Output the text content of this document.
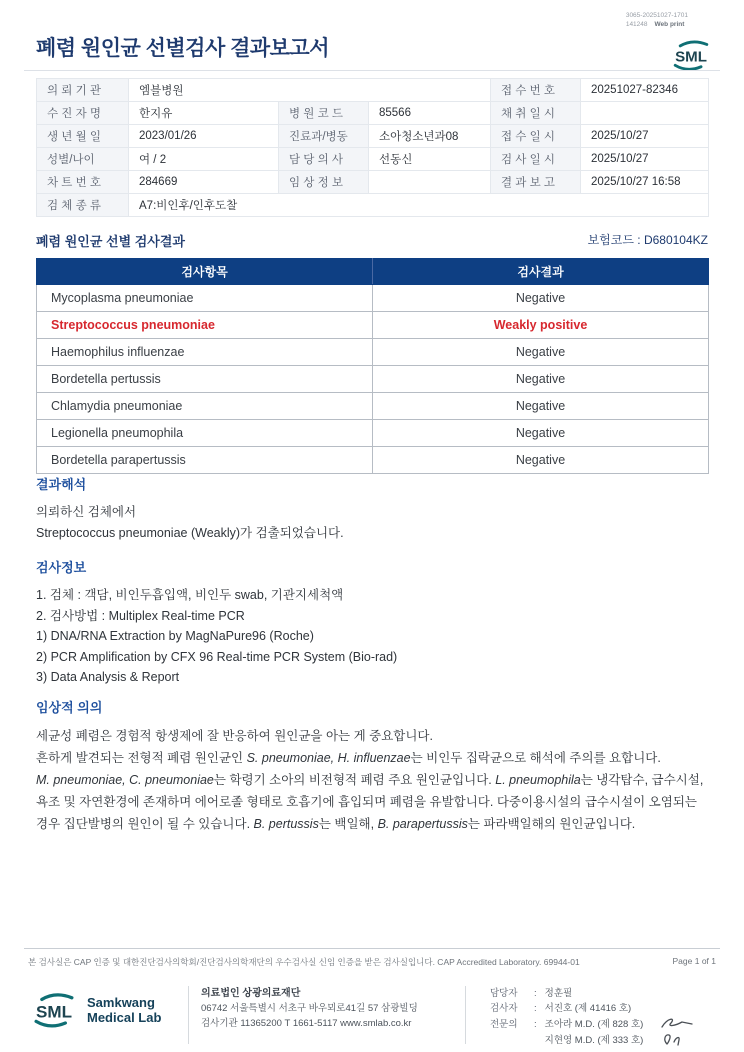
폐렴 원인균 선별검사 결과보고서
3065-20251027-1701
141248 Web print
SML
의 뢰 기 관	엠블병원			접 수 번 호	20251027-82346
수 진 자 명	한지유	병 원 코 드	85566	채 취 일 시	
생 년 월 일	2023/01/26	진료과/병동	소아청소년과08	접 수 일 시	2025/10/27
성별/나이	여 / 2	담 당 의 사	선동신	검 사 일 시	2025/10/27
차 트 번 호	284669	임 상 정 보		결 과 보 고	2025/10/27 16:58
검 체 종 류	A7:비인후/인후도찰				
보험코드 : D680104KZ
폐렴 원인균 선별 검사결과
검사항목	검사결과
Mycoplasma pneumoniae	Negative
Streptococcus pneumoniae	Weakly positive
Haemophilus influenzae	Negative
Bordetella pertussis	Negative
Chlamydia pneumoniae	Negative
Legionella pneumophila	Negative
Bordetella parapertussis	Negative
결과해석
의뢰하신 검체에서
Streptococcus pneumoniae (Weakly)가 검출되었습니다.
검사정보
1. 검체 : 객담, 비인두흡입액, 비인두 swab, 기관지세척액
2. 검사방법 : Multiplex Real-time PCR
1) DNA/RNA Extraction by MagNaPure96 (Roche)
2) PCR Amplification by CFX 96 Real-time PCR System (Bio-rad)
3) Data Analysis & Report
임상적 의의

세균성 폐렴은 경험적 항생제에 잘 반응하여 원인균을 아는 게 중요합니다.

흔하게 발견되는 전형적 폐렴 원인균인 S. pneumoniae, H. influenzae는 비인두 집락균으로 해석에 주의를 요합니다.

M. pneumoniae, C. pneumoniae는 학령기 소아의 비전형적 폐렴 주요 원인균입니다. L. pneumophila는 냉각탑수, 급수시설, 욕조 및 자연환경에 존재하며 에어로졸 형태로 호흡기에 흡입되며 폐렴을 유발합니다. 다중이용시설의 급수시설이 오염되는 경우 집단발병의 원인이 될 수 있습니다. B. pertussis는 백일해, B. parapertussis는 파라백일해의 원인균입니다.

본 검사실은 CAP 인증 및 대한진단검사의학회/진단검사의학재단의 우수검사실 신임 인증을 받은 검사실입니다. CAP Accredited Laboratory. 69944-01	Page 1 of 1
SML Samkwang
Medical Lab
의료법인 상광의료재단
06742 서울특별시 서초구 바우뫼로41길 57 삼광빌딩
검사기관 11365200 T 1661-5117 www.smlab.co.kr
담당자	: 정훈필
검사자	: 서진호 (제 41416 호)
전문의	: 조아라 M.D. (제 828 호)

지현영 M.D. (제 333 호)
